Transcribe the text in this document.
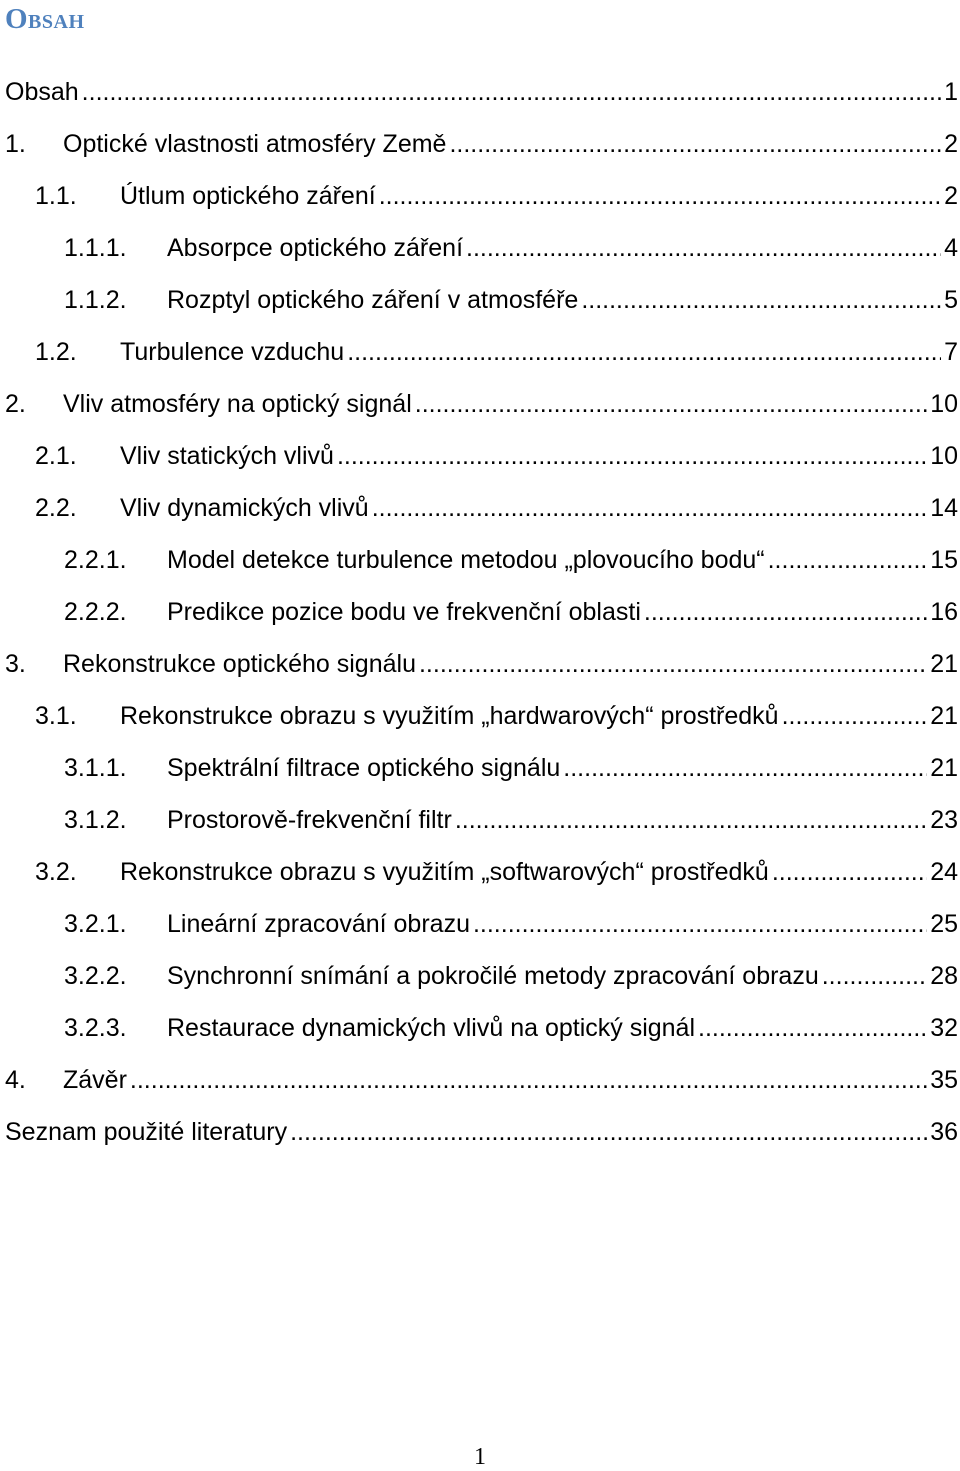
Obsah
Obsah .....	1
1.	Optické vlastnosti atmosféry Země .....	2
1.1.	Útlum optického záření .....	2
1.1.1.	Absorpce optického záření .....	4
1.1.2.	Rozptyl optického záření v atmosféře .....	5
1.2.	Turbulence vzduchu .....	7
2.	Vliv atmosféry na optický signál .....	10
2.1.	Vliv statických vlivů .....	10
2.2.	Vliv dynamických vlivů .....	14
2.2.1.	Model detekce turbulence metodou „plovoucího bodu“ .....	15
2.2.2.	Predikce pozice bodu ve frekvenční oblasti .....	16
3.	Rekonstrukce optického signálu .....	21
3.1.	Rekonstrukce obrazu s využitím „hardwarových“ prostředků .....	21
3.1.1.	Spektrální filtrace optického signálu .....	21
3.1.2.	Prostorově-frekvenční filtr .....	23
3.2.	Rekonstrukce obrazu s využitím „softwarových“ prostředků .....	24
3.2.1.	Lineární zpracování obrazu .....	25
3.2.2.	Synchronní snímání a pokročilé metody zpracování obrazu .....	28
3.2.3.	Restaurace dynamických vlivů na optický signál .....	32
4.	Závěr .....	35
Seznam použité literatury .....	36
1
